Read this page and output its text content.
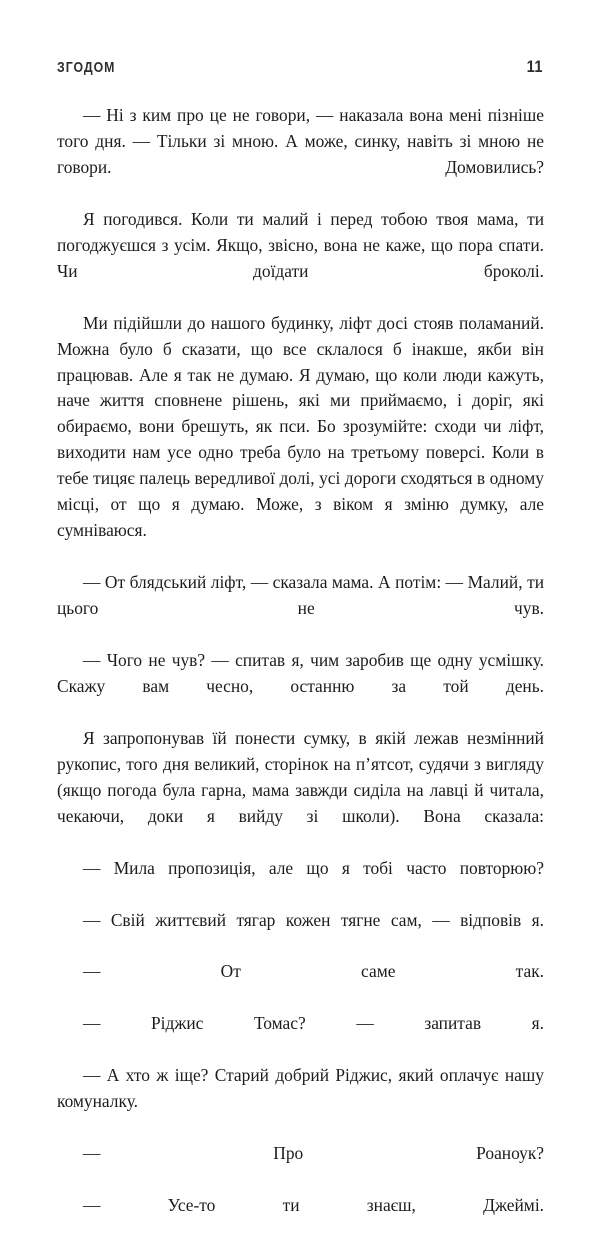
ЗГОДОМ	11

— Ні з ким про це не говори, — наказала вона мені пізніше того дня. — Тільки зі мною. А може, синку, навіть зі мною не говори. Домовились?

Я погодився. Коли ти малий і перед тобою твоя мама, ти погоджуєшся з усім. Якщо, звісно, вона не каже, що пора спати. Чи доїдати броколі.

Ми підійшли до нашого будинку, ліфт досі стояв поламаний. Можна було б сказати, що все склалося б інакше, якби він працював. Але я так не думаю. Я думаю, що коли люди кажуть, наче життя сповнене рішень, які ми приймаємо, і доріг, які обираємо, вони брешуть, як пси. Бо зрозумійте: сходи чи ліфт, виходити нам усе одно треба було на третьому поверсі. Коли в тебе тицяє палець вередливої долі, усі дороги сходяться в одному місці, от що я думаю. Може, з віком я зміню думку, але сумніваюся.

— От блядський ліфт, — сказала мама. А потім: — Малий, ти цього не чув.

— Чого не чув? — спитав я, чим заробив ще одну усмішку. Скажу вам чесно, останню за той день.

Я запропонував їй понести сумку, в якій лежав незмінний рукопис, того дня великий, сторінок на п’ятсот, судячи з вигляду (якщо погода була гарна, мама завжди сиділа на лавці й читала, чекаючи, доки я вийду зі школи). Вона сказала:

— Мила пропозиція, але що я тобі часто повторюю?

— Свій життєвий тягар кожен тягне сам, — відповів я.

— От саме так.

— Ріджис Томас? — запитав я.

— А хто ж іще? Старий добрий Ріджис, який оплачує нашу комуналку.

— Про Роаноук?

— Усе-то ти знаєш, Джеймі.
